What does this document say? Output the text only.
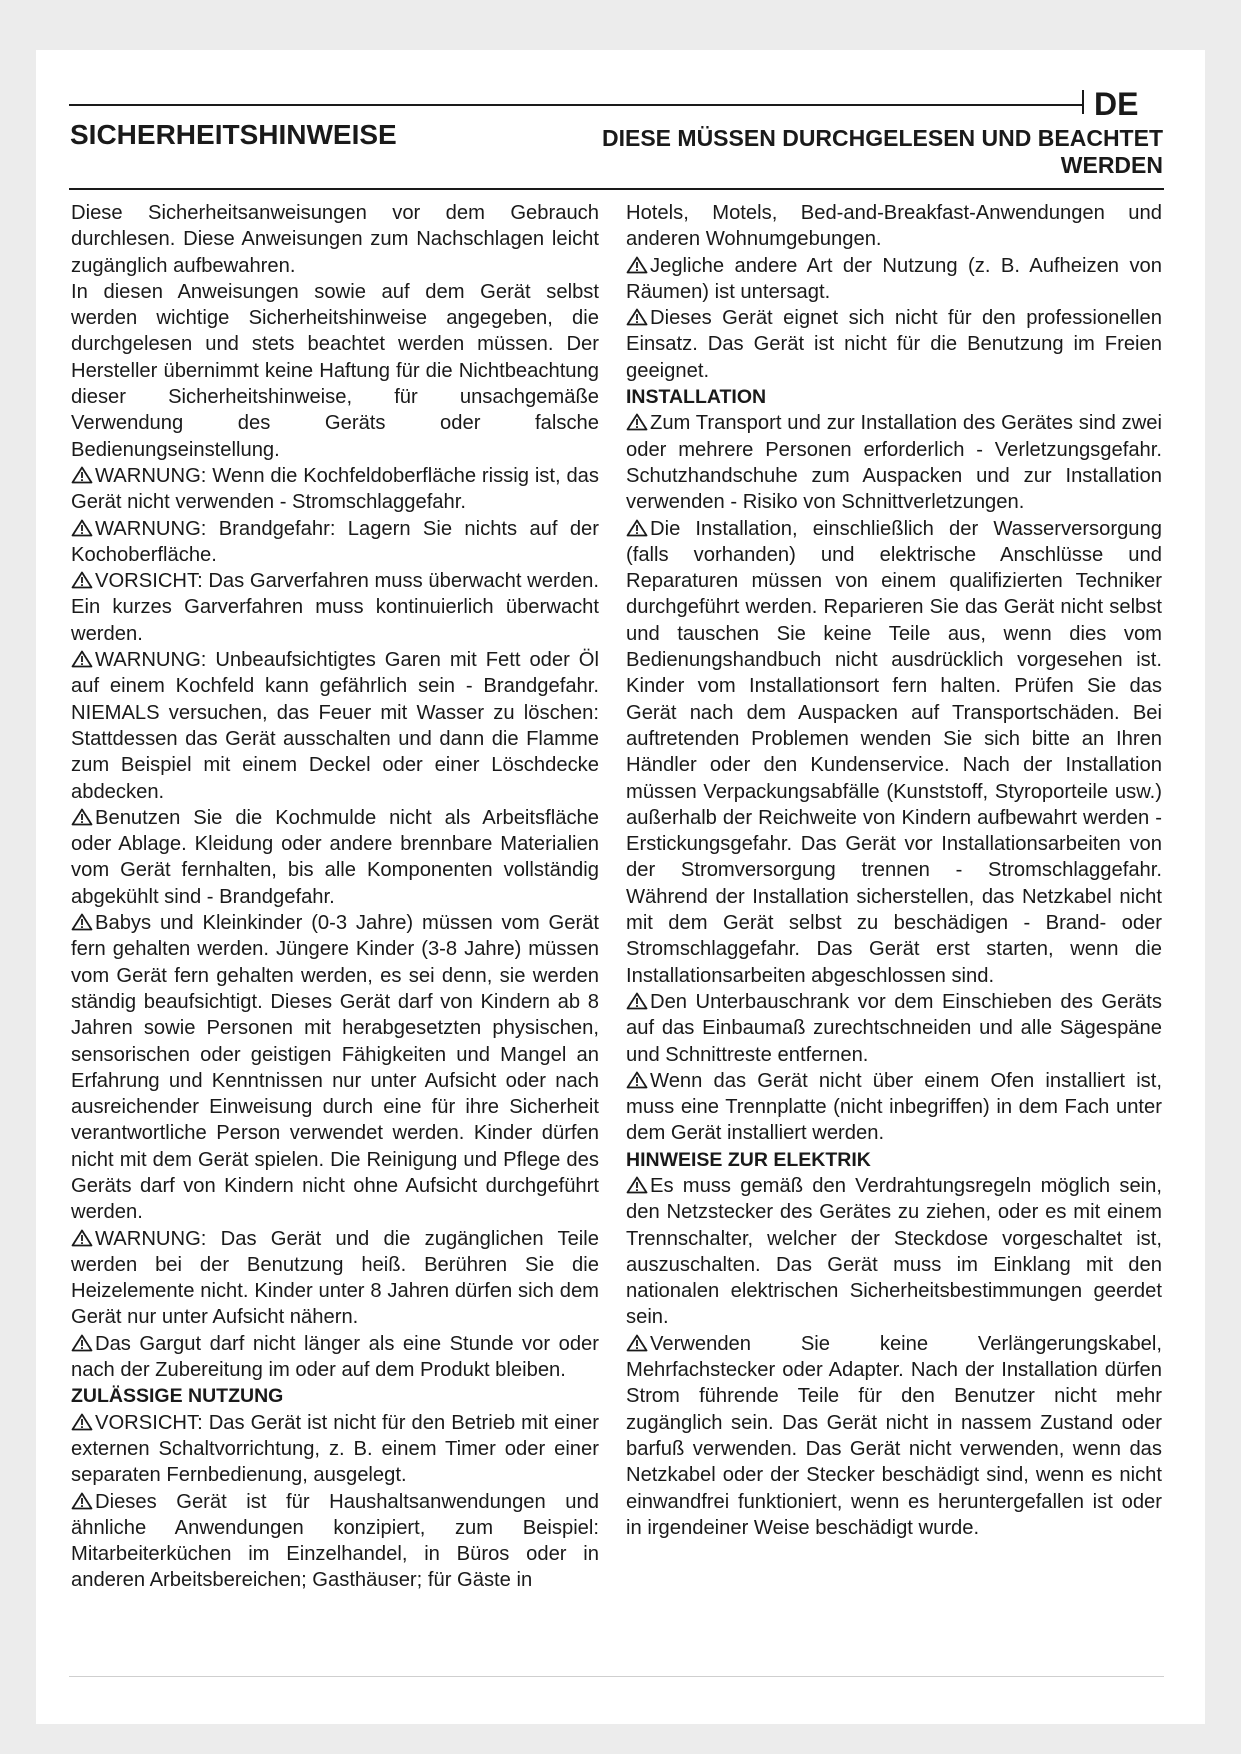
DE
SICHERHEITSHINWEISE	DIESE MÜSSEN DURCHGELESEN UND BEACHTET WERDEN

Diese Sicherheitsanweisungen vor dem Gebrauch durchlesen. Diese Anweisungen zum Nachschlagen leicht zugänglich aufbewahren.

In diesen Anweisungen sowie auf dem Gerät selbst werden wichtige Sicherheitshinweise angegeben, die durchgelesen und stets beachtet werden müssen. Der Hersteller übernimmt keine Haftung für die Nichtbeachtung dieser Sicherheitshinweise, für unsachgemäße Verwendung des Geräts oder falsche Bedienungseinstellung.

WARNUNG: Wenn die Kochfeldoberfläche rissig ist, das Gerät nicht verwenden - Stromschlaggefahr.

WARNUNG: Brandgefahr: Lagern Sie nichts auf der Kochoberfläche.

VORSICHT: Das Garverfahren muss überwacht werden. Ein kurzes Garverfahren muss kontinuierlich überwacht werden.

WARNUNG: Unbeaufsichtigtes Garen mit Fett oder Öl auf einem Kochfeld kann gefährlich sein - Brandgefahr. NIEMALS versuchen, das Feuer mit Wasser zu löschen: Stattdessen das Gerät ausschalten und dann die Flamme zum Beispiel mit einem Deckel oder einer Löschdecke abdecken.

Benutzen Sie die Kochmulde nicht als Arbeitsfläche oder Ablage. Kleidung oder andere brennbare Materialien vom Gerät fernhalten, bis alle Komponenten vollständig abgekühlt sind - Brandgefahr.

Babys und Kleinkinder (0-3 Jahre) müssen vom Gerät fern gehalten werden. Jüngere Kinder (3-8 Jahre) müssen vom Gerät fern gehalten werden, es sei denn, sie werden ständig beaufsichtigt. Dieses Gerät darf von Kindern ab 8 Jahren sowie Personen mit herabgesetzten physischen, sensorischen oder geistigen Fähigkeiten und Mangel an Erfahrung und Kenntnissen nur unter Aufsicht oder nach ausreichender Einweisung durch eine für ihre Sicherheit verantwortliche Person verwendet werden. Kinder dürfen nicht mit dem Gerät spielen. Die Reinigung und Pflege des Geräts darf von Kindern nicht ohne Aufsicht durchgeführt werden.

WARNUNG: Das Gerät und die zugänglichen Teile werden bei der Benutzung heiß. Berühren Sie die Heizelemente nicht. Kinder unter 8 Jahren dürfen sich dem Gerät nur unter Aufsicht nähern.

Das Gargut darf nicht länger als eine Stunde vor oder nach der Zubereitung im oder auf dem Produkt bleiben.

ZULÄSSIGE NUTZUNG

VORSICHT: Das Gerät ist nicht für den Betrieb mit einer externen Schaltvorrichtung, z. B. einem Timer oder einer separaten Fernbedienung, ausgelegt.

Dieses Gerät ist für Haushaltsanwendungen und ähnliche Anwendungen konzipiert, zum Beispiel: Mitarbeiterküchen im Einzelhandel, in Büros oder in anderen Arbeitsbereichen; Gasthäuser; für Gäste in

Hotels, Motels, Bed-and-Breakfast-Anwendungen und anderen Wohnumgebungen.

Jegliche andere Art der Nutzung (z. B. Aufheizen von Räumen) ist untersagt.

Dieses Gerät eignet sich nicht für den professionellen Einsatz. Das Gerät ist nicht für die Benutzung im Freien geeignet.

INSTALLATION

Zum Transport und zur Installation des Gerätes sind zwei oder mehrere Personen erforderlich - Verletzungsgefahr. Schutzhandschuhe zum Auspacken und zur Installation verwenden - Risiko von Schnittverletzungen.

Die Installation, einschließlich der Wasserversorgung (falls vorhanden) und elektrische Anschlüsse und Reparaturen müssen von einem qualifizierten Techniker durchgeführt werden. Reparieren Sie das Gerät nicht selbst und tauschen Sie keine Teile aus, wenn dies vom Bedienungshandbuch nicht ausdrücklich vorgesehen ist. Kinder vom Installationsort fern halten. Prüfen Sie das Gerät nach dem Auspacken auf Transportschäden. Bei auftretenden Problemen wenden Sie sich bitte an Ihren Händler oder den Kundenservice. Nach der Installation müssen Verpackungsabfälle (Kunststoff, Styroporteile usw.) außerhalb der Reichweite von Kindern aufbewahrt werden - Erstickungsgefahr. Das Gerät vor Installationsarbeiten von der Stromversorgung trennen - Stromschlaggefahr. Während der Installation sicherstellen, das Netzkabel nicht mit dem Gerät selbst zu beschädigen - Brand- oder Stromschlaggefahr. Das Gerät erst starten, wenn die Installationsarbeiten abgeschlossen sind.

Den Unterbauschrank vor dem Einschieben des Geräts auf das Einbaumaß zurechtschneiden und alle Sägespäne und Schnittreste entfernen.

Wenn das Gerät nicht über einem Ofen installiert ist, muss eine Trennplatte (nicht inbegriffen) in dem Fach unter dem Gerät installiert werden.

HINWEISE ZUR ELEKTRIK

Es muss gemäß den Verdrahtungsregeln möglich sein, den Netzstecker des Gerätes zu ziehen, oder es mit einem Trennschalter, welcher der Steckdose vorgeschaltet ist, auszuschalten. Das Gerät muss im Einklang mit den nationalen elektrischen Sicherheitsbestimmungen geerdet sein.

Verwenden Sie keine Verlängerungskabel, Mehrfachstecker oder Adapter. Nach der Installation dürfen Strom führende Teile für den Benutzer nicht mehr zugänglich sein. Das Gerät nicht in nassem Zustand oder barfuß verwenden. Das Gerät nicht verwenden, wenn das Netzkabel oder der Stecker beschädigt sind, wenn es nicht einwandfrei funktioniert, wenn es heruntergefallen ist oder in irgendeiner Weise beschädigt wurde.
